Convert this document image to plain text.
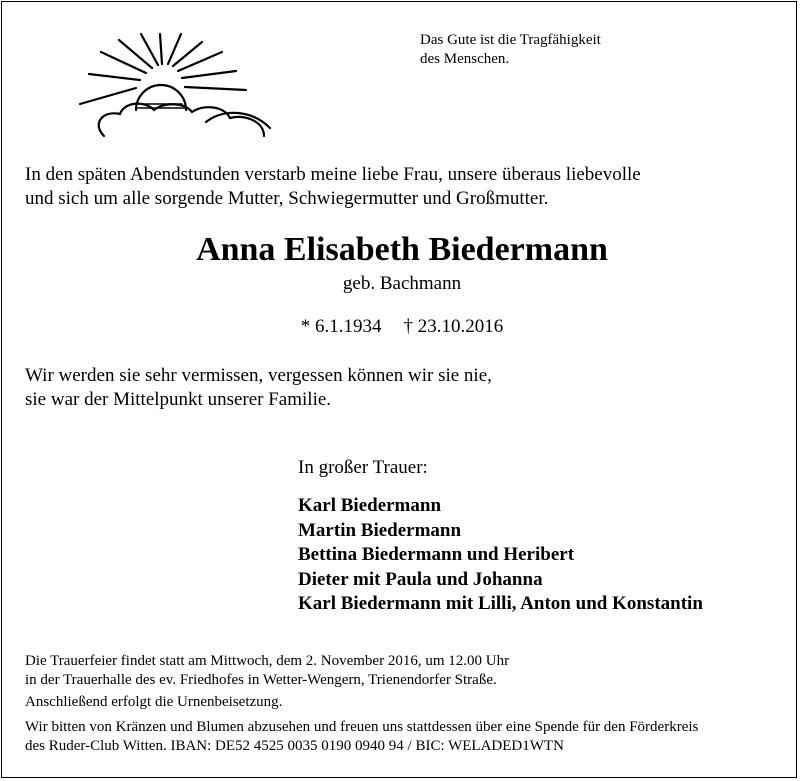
Das Gute ist die Tragfähigkeit
des Menschen.
In den späten Abendstunden verstarb meine liebe Frau, unsere überaus liebevolle
und sich um alle sorgende Mutter, Schwiegermutter und Großmutter.
Anna Elisabeth Biedermann
geb. Bachmann
* 6.1.1934 † 23.10.2016
Wir werden sie sehr vermissen, vergessen können wir sie nie,
sie war der Mittelpunkt unserer Familie.
In großer Trauer:
Karl Biedermann
Martin Biedermann
Bettina Biedermann und Heribert
Dieter mit Paula und Johanna
Karl Biedermann mit Lilli, Anton und Konstantin
Die Trauerfeier findet statt am Mittwoch, dem 2. November 2016, um 12.00 Uhr
in der Trauerhalle des ev. Friedhofes in Wetter-Wengern, Trienendorfer Straße.
Anschließend erfolgt die Urnenbeisetzung.
Wir bitten von Kränzen und Blumen abzusehen und freuen uns stattdessen über eine Spende für den Förderkreis
des Ruder-Club Witten. IBAN: DE52 4525 0035 0190 0940 94 / BIC: WELADED1WTN
